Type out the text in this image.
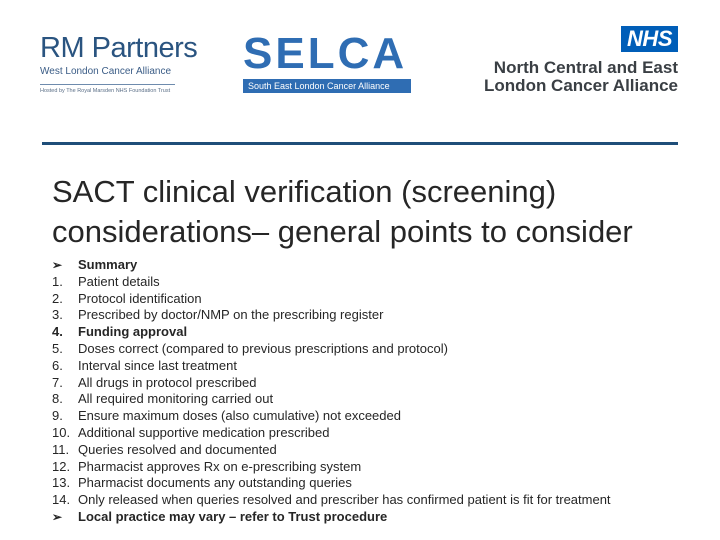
RM Partners
West London Cancer Alliance
Hosted by The Royal Marsden NHS Foundation Trust
SELCA
South East London Cancer Alliance
NHS
North Central and East
London Cancer Alliance
SACT clinical verification (screening) considerations– general points to consider
➢	Summary
1.	Patient details
2.	Protocol identification
3.	Prescribed by doctor/NMP on the prescribing register
4.	Funding approval
5.	Doses correct (compared to previous prescriptions and protocol)
6.	Interval since last treatment
7.	All drugs in protocol prescribed
8.	All required monitoring carried out
9.	Ensure maximum doses (also cumulative) not exceeded
10. Additional supportive medication prescribed
11. Queries resolved and documented
12. Pharmacist approves Rx on e-prescribing system
13. Pharmacist documents any outstanding queries
14. Only released when queries resolved and prescriber has confirmed patient is fit for treatment
➢	Local practice may vary – refer to Trust procedure
